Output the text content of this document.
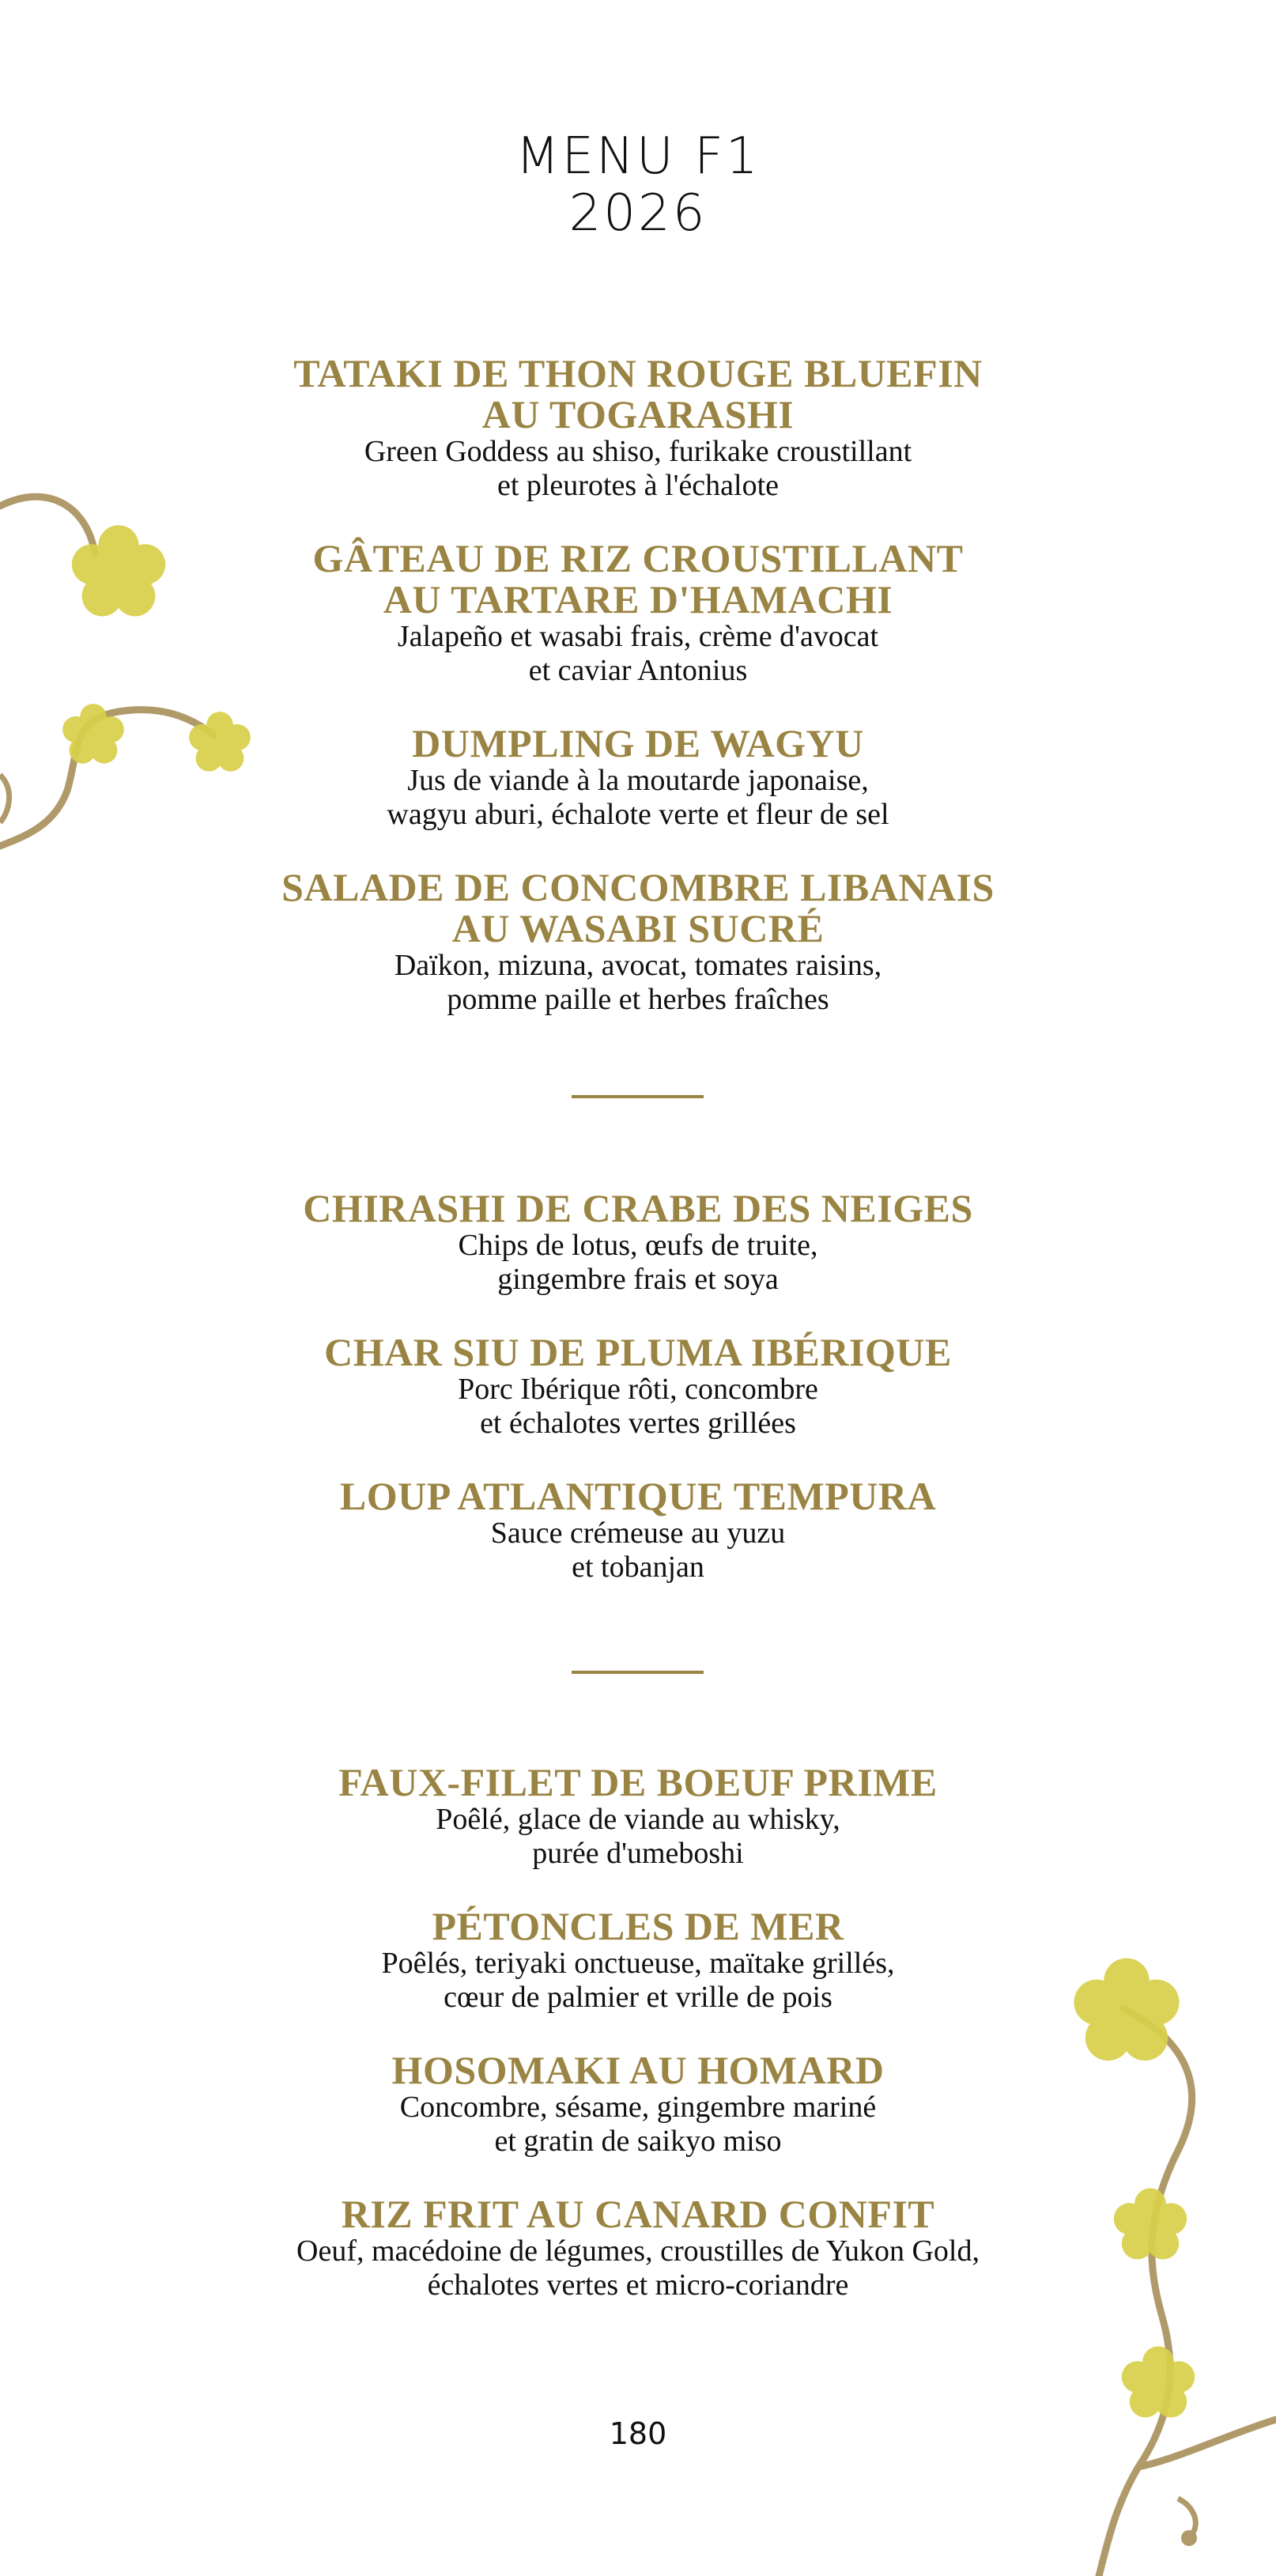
MENU F1
2026
TATAKI DE THON ROUGE BLUEFIN
AU TOGARASHI
Green Goddess au shiso, furikake croustillant
et pleurotes à l'échalote
GÂTEAU DE RIZ CROUSTILLANT
AU TARTARE D'HAMACHI
Jalapeño et wasabi frais, crème d'avocat
et caviar Antonius
DUMPLING DE WAGYU
Jus de viande à la moutarde japonaise,
wagyu aburi, échalote verte et fleur de sel
SALADE DE CONCOMBRE LIBANAIS
AU WASABI SUCRÉ
Daïkon, mizuna, avocat, tomates raisins,
pomme paille et herbes fraîches
CHIRASHI DE CRABE DES NEIGES
Chips de lotus, œufs de truite,
gingembre frais et soya
CHAR SIU DE PLUMA IBÉRIQUE
Porc Ibérique rôti, concombre
et échalotes vertes grillées
LOUP ATLANTIQUE TEMPURA
Sauce crémeuse au yuzu
et tobanjan
FAUX-FILET DE BOEUF PRIME
Poêlé, glace de viande au whisky,
purée d'umeboshi
PÉTONCLES DE MER
Poêlés, teriyaki onctueuse, maïtake grillés,
cœur de palmier et vrille de pois
HOSOMAKI AU HOMARD
Concombre, sésame, gingembre mariné
et gratin de saikyo miso
RIZ FRIT AU CANARD CONFIT
Oeuf, macédoine de légumes, croustilles de Yukon Gold,
échalotes vertes et micro-coriandre
180
